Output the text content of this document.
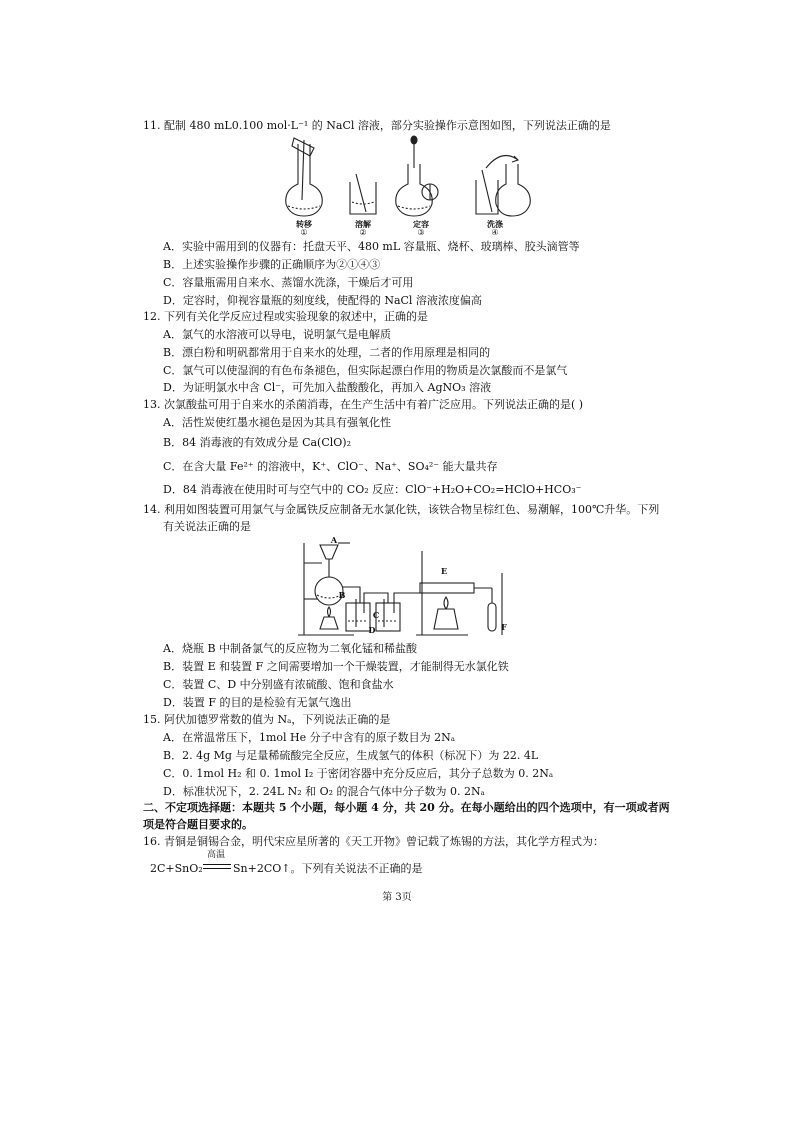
11. 配制 480 mL0.100 mol·L⁻¹ 的 NaCl 溶液，部分实验操作示意图如图，下列说法正确的是
转移	溶解	定容	洗涤
①	②	③	④
A．实验中需用到的仪器有：托盘天平、480 mL 容量瓶、烧杯、玻璃棒、胶头滴管等
B．上述实验操作步骤的正确顺序为②①④③
C．容量瓶需用自来水、蒸馏水洗涤，干燥后才可用
D．定容时，仰视容量瓶的刻度线，使配得的 NaCl 溶液浓度偏高
12. 下列有关化学反应过程或实验现象的叙述中，正确的是
A．氯气的水溶液可以导电，说明氯气是电解质
B．漂白粉和明矾都常用于自来水的处理，二者的作用原理是相同的
C．氯气可以使湿润的有色布条褪色，但实际起漂白作用的物质是次氯酸而不是氯气
D．为证明氯水中含 Cl⁻，可先加入盐酸酸化，再加入 AgNO₃ 溶液
13. 次氯酸盐可用于自来水的杀菌消毒，在生产生活中有着广泛应用。下列说法正确的是( )
A．活性炭使红墨水褪色是因为其具有强氧化性
B．84 消毒液的有效成分是 Ca(ClO)₂
C．在含大量 Fe²⁺ 的溶液中，K⁺、ClO⁻、Na⁺、SO₄²⁻ 能大量共存
D．84 消毒液在使用时可与空气中的 CO₂ 反应：ClO⁻+H₂O+CO₂=HClO+HCO₃⁻
14. 利用如图装置可用氯气与金属铁反应制备无水氯化铁，该铁合物呈棕红色、易潮解，100℃升华。下列
有关说法正确的是
A
B
C
D
E
F
A．烧瓶 B 中制备氯气的反应物为二氧化锰和稀盐酸
B．装置 E 和装置 F 之间需要增加一个干燥装置，才能制得无水氯化铁
C．装置 C、D 中分别盛有浓硫酸、饱和食盐水
D．装置 F 的目的是检验有无氯气逸出
15. 阿伏加德罗常数的值为 Nₐ，下列说法正确的是
A．在常温常压下，1mol He 分子中含有的原子数目为 2Nₐ
B．2. 4g Mg 与足量稀硫酸完全反应，生成氢气的体积（标况下）为 22. 4L
C．0. 1mol H₂ 和 0. 1mol I₂ 于密闭容器中充分反应后，其分子总数为 0. 2Nₐ
D．标准状况下，2. 24L N₂ 和 O₂ 的混合气体中分子数为 0. 2Nₐ
二、不定项选择题：本题共 5 个小题，每小题 4 分，共 20 分。在每小题给出的四个选项中，有一项或者两
项是符合题目要求的。
16. 青铜是铜锡合金，明代宋应星所著的《天工开物》曾记载了炼锡的方法，其化学方程式为：
2C+SnO₂
高温
Sn+2CO↑。下列有关说法不正确的是
第 3页
